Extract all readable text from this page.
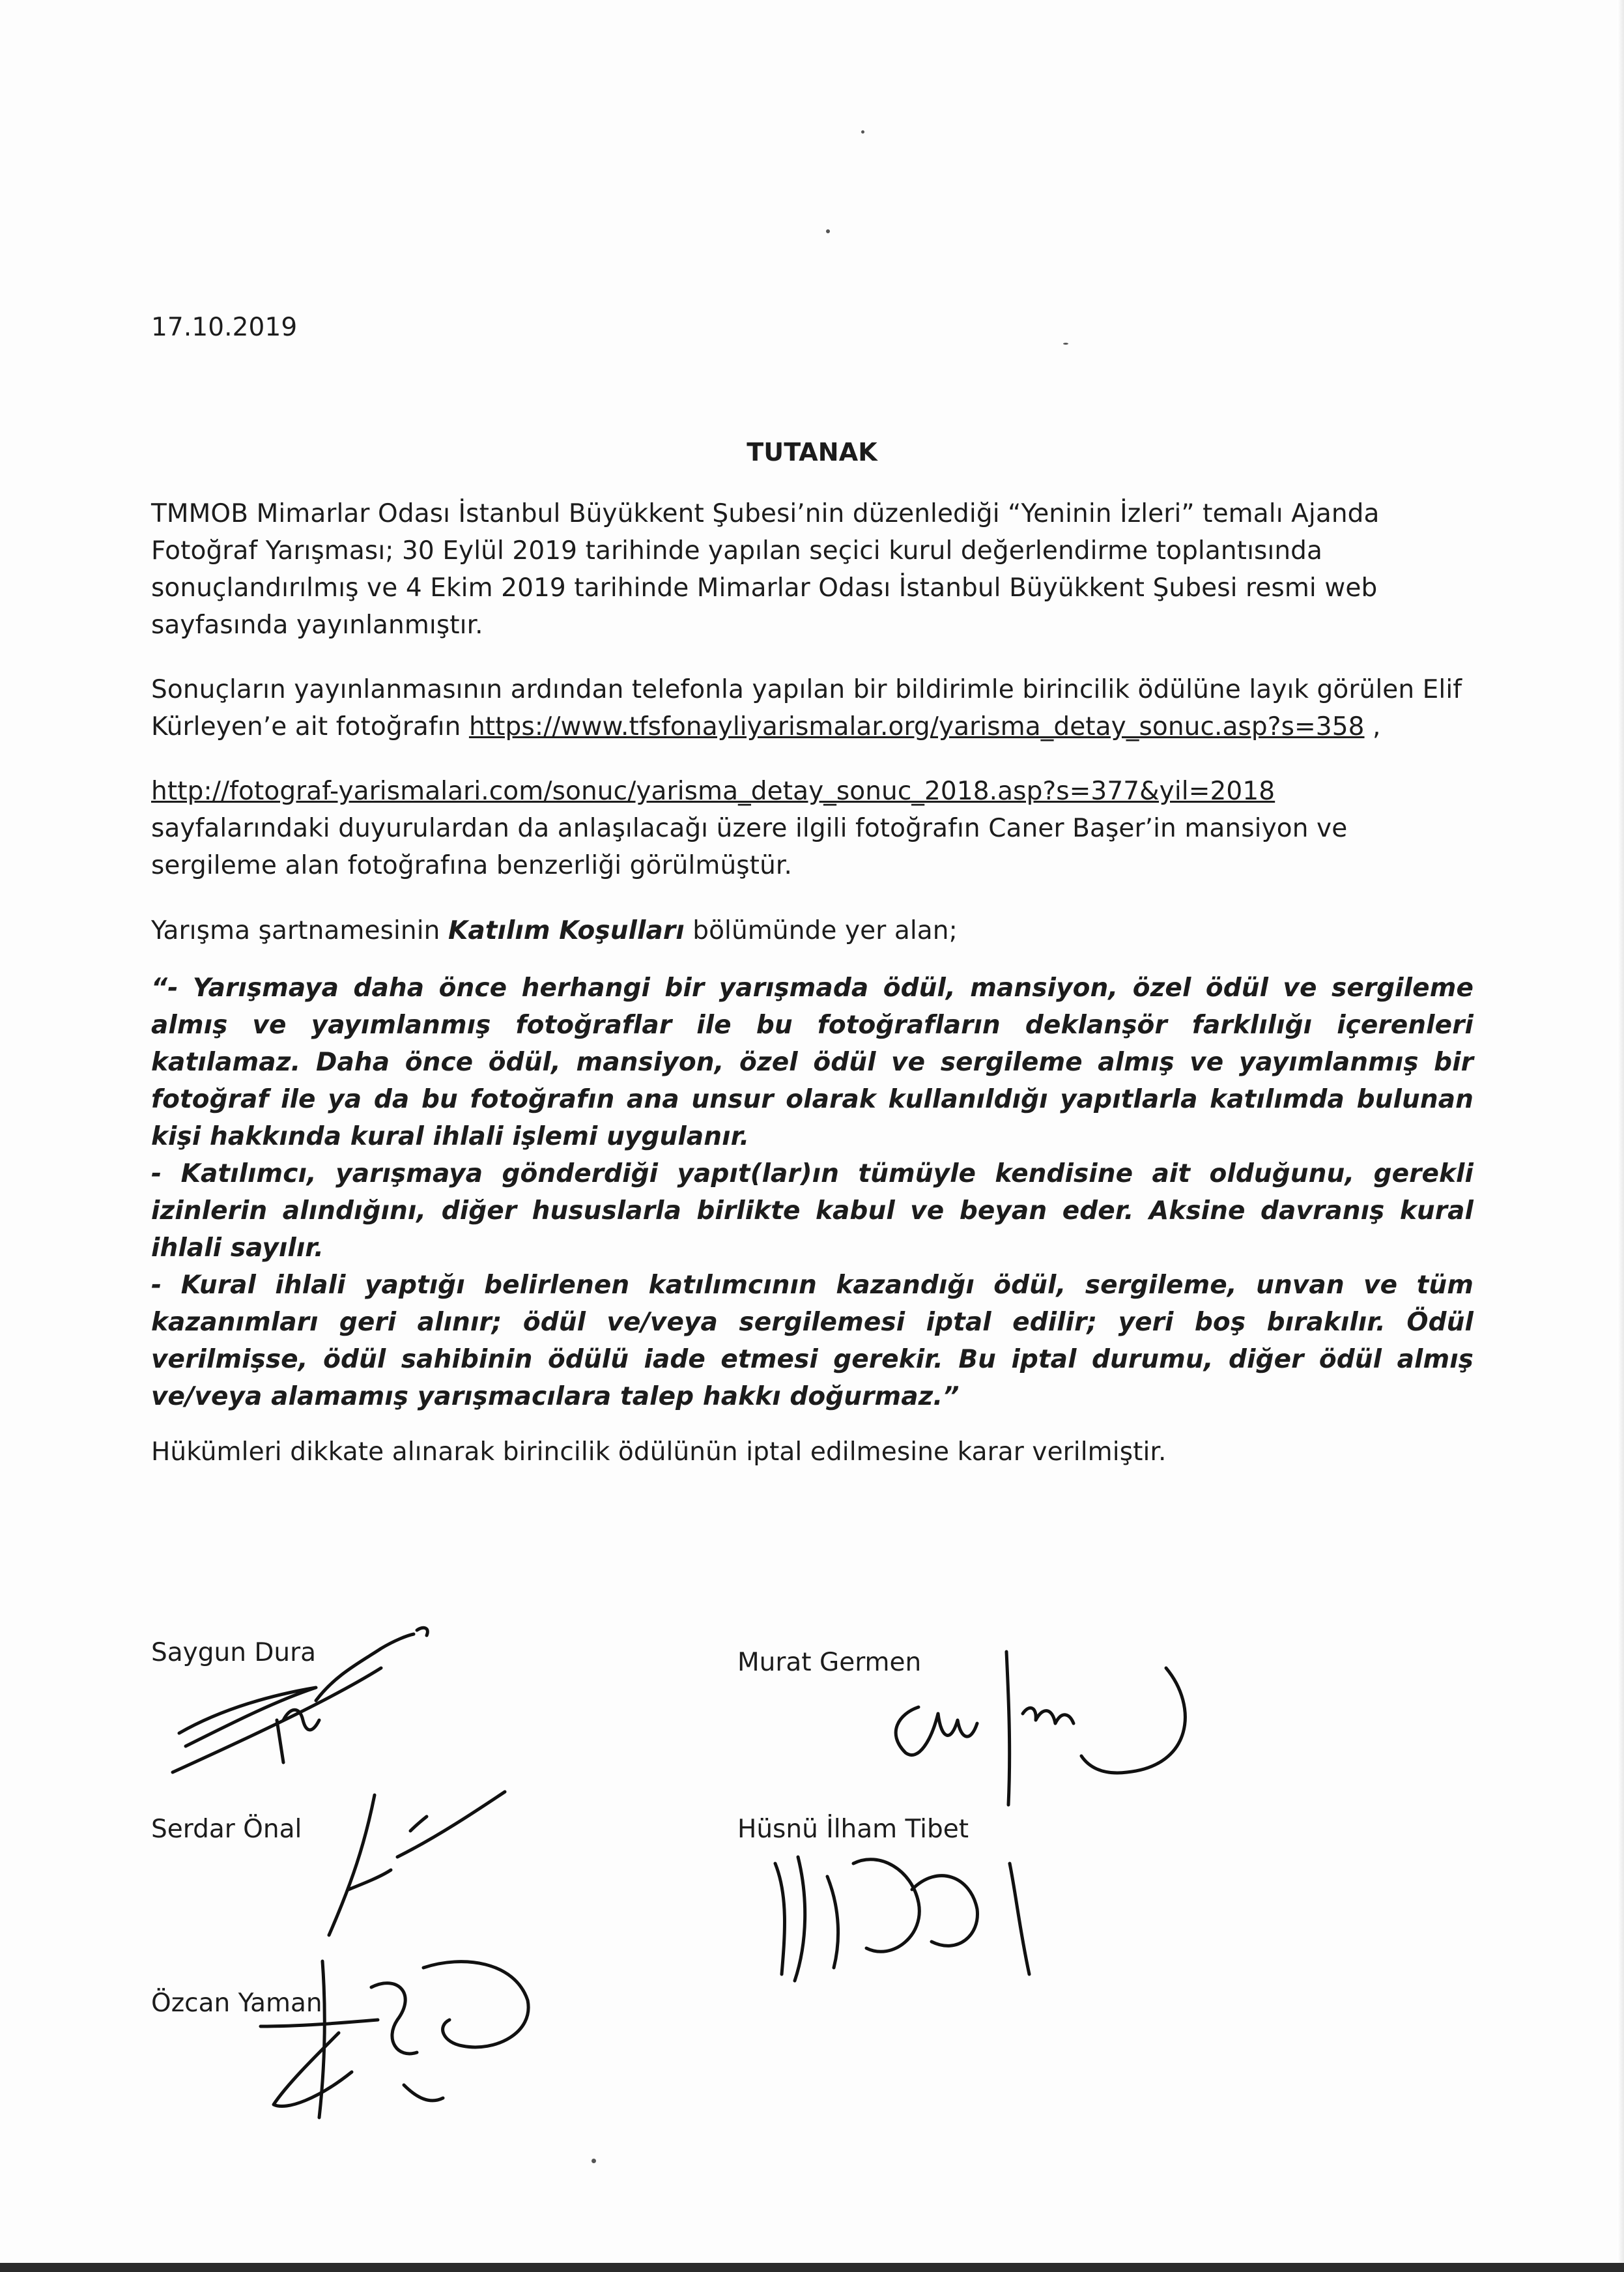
17.10.2019
TUTANAK

TMMOB Mimarlar Odası İstanbul Büyükkent Şubesi’nin düzenlediği “Yeninin İzleri” temalı Ajanda Fotoğraf Yarışması; 30 Eylül 2019 tarihinde yapılan seçici kurul değerlendirme toplantısında sonuçlandırılmış ve 4 Ekim 2019 tarihinde Mimarlar Odası İstanbul Büyükkent Şubesi resmi web sayfasında yayınlanmıştır.

Sonuçların yayınlanmasının ardından telefonla yapılan bir bildirimle birincilik ödülüne layık görülen Elif Kürleyen’e ait fotoğrafın https://www.tfsfonayliyarismalar.org/yarisma_detay_sonuc.asp?s=358 ,

http://fotograf-yarismalari.com/sonuc/yarisma_detay_sonuc_2018.asp?s=377&yil=2018
sayfalarındaki duyurulardan da anlaşılacağı üzere ilgili fotoğrafın Caner Başer’in mansiyon ve sergileme alan fotoğrafına benzerliği görülmüştür.

Yarışma şartnamesinin Katılım Koşulları bölümünde yer alan;

“- Yarışmaya daha önce herhangi bir yarışmada ödül, mansiyon, özel ödül ve sergileme almış ve yayımlanmış fotoğraflar ile bu fotoğrafların deklanşör farklılığı içerenleri katılamaz. Daha önce ödül, mansiyon, özel ödül ve sergileme almış ve yayımlanmış bir fotoğraf ile ya da bu fotoğrafın ana unsur olarak kullanıldığı yapıtlarla katılımda bulunan kişi hakkında kural ihlali işlemi uygulanır.

- Katılımcı, yarışmaya gönderdiği yapıt(lar)ın tümüyle kendisine ait olduğunu, gerekli izinlerin alındığını, diğer hususlarla birlikte kabul ve beyan eder. Aksine davranış kural ihlali sayılır.

- Kural ihlali yaptığı belirlenen katılımcının kazandığı ödül, sergileme, unvan ve tüm kazanımları geri alınır; ödül ve/veya sergilemesi iptal edilir; yeri boş bırakılır. Ödül verilmişse, ödül sahibinin ödülü iade etmesi gerekir. Bu iptal durumu, diğer ödül almış ve/veya alamamış yarışmacılara talep hakkı doğurmaz.”

Hükümleri dikkate alınarak birincilik ödülünün iptal edilmesine karar verilmiştir.

Saygun Dura	Murat Germen
Serdar Önal	Hüsnü İlham Tibet
Özcan Yaman
